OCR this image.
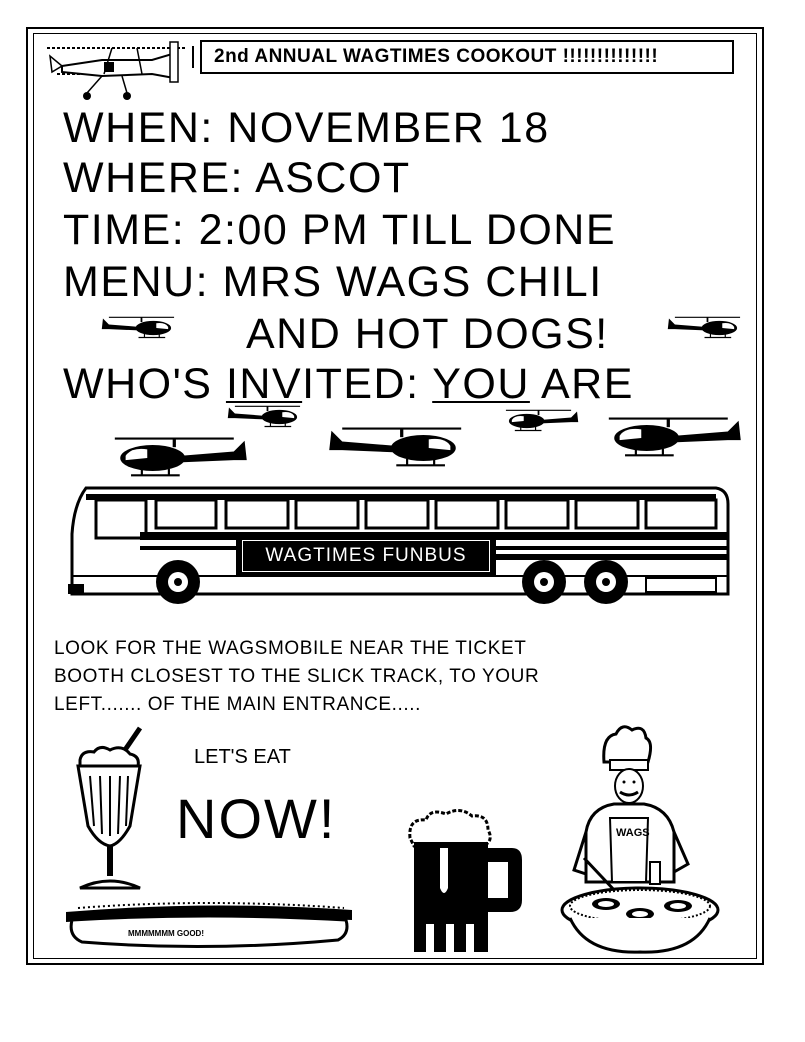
2nd ANNUAL WAGTIMES COOKOUT !!!!!!!!!!!!!!
WHEN: NOVEMBER 18
WHERE: ASCOT
TIME: 2:00 PM TILL DONE
MENU: MRS WAGS CHILI
AND HOT DOGS!
WHO'S INVITED: YOU ARE
WAGTIMES FUNBUS
LOOK FOR THE WAGSMOBILE NEAR THE TICKET
BOOTH CLOSEST TO THE SLICK TRACK, TO YOUR
LEFT....... OF THE MAIN ENTRANCE.....
LET'S EAT
NOW!
MMMMMMM GOOD!
WAGS
